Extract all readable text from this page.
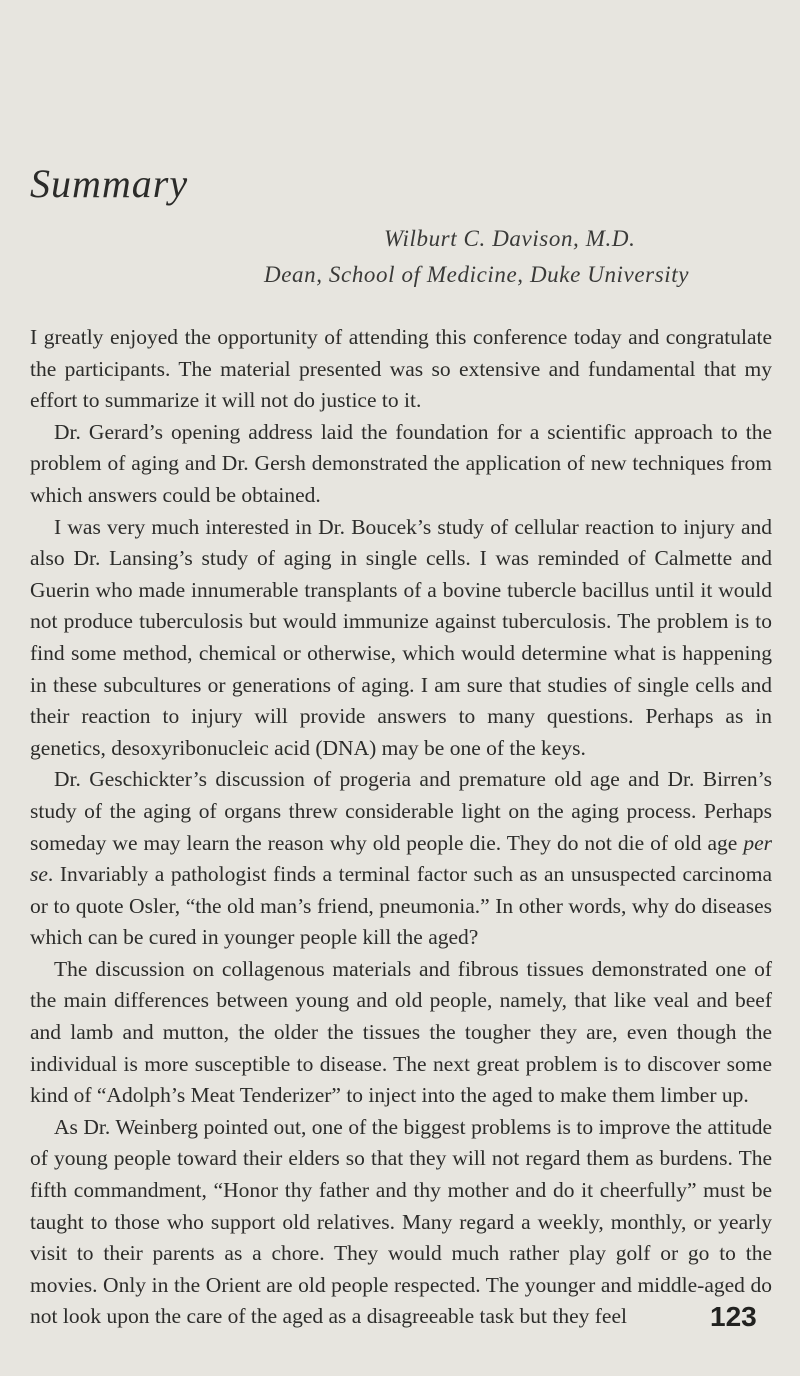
Summary
Wilburt C. Davison, M.D.
Dean, School of Medicine, Duke University

I greatly enjoyed the opportunity of attending this conference today and congratulate the participants. The material presented was so extensive and fundamental that my effort to summarize it will not do justice to it.

Dr. Gerard’s opening address laid the foundation for a scientific approach to the problem of aging and Dr. Gersh demonstrated the application of new techniques from which answers could be obtained.

I was very much interested in Dr. Boucek’s study of cellular reaction to injury and also Dr. Lansing’s study of aging in single cells. I was reminded of Calmette and Guerin who made innumerable transplants of a bovine tubercle bacillus until it would not produce tuberculosis but would immunize against tuberculosis. The problem is to find some method, chemical or otherwise, which would determine what is happening in these subcultures or generations of aging. I am sure that studies of single cells and their reaction to injury will provide answers to many questions. Perhaps as in genetics, desoxyribonucleic acid (DNA) may be one of the keys.

Dr. Geschickter’s discussion of progeria and premature old age and Dr. Birren’s study of the aging of organs threw considerable light on the aging process. Perhaps someday we may learn the reason why old people die. They do not die of old age per se. Invariably a pathologist finds a terminal factor such as an unsuspected carcinoma or to quote Osler, “the old man’s friend, pneumonia.” In other words, why do diseases which can be cured in younger people kill the aged?

The discussion on collagenous materials and fibrous tissues demonstrated one of the main differences between young and old people, namely, that like veal and beef and lamb and mutton, the older the tissues the tougher they are, even though the individual is more susceptible to disease. The next great problem is to discover some kind of “Adolph’s Meat Tenderizer” to inject into the aged to make them limber up.

As Dr. Weinberg pointed out, one of the biggest problems is to improve the attitude of young people toward their elders so that they will not regard them as burdens. The fifth commandment, “Honor thy father and thy mother and do it cheerfully” must be taught to those who support old relatives. Many regard a weekly, monthly, or yearly visit to their parents as a chore. They would much rather play golf or go to the movies. Only in the Orient are old people respected. The younger and middle-aged do not look upon the care of the aged as a disagreeable task but they feel	123
